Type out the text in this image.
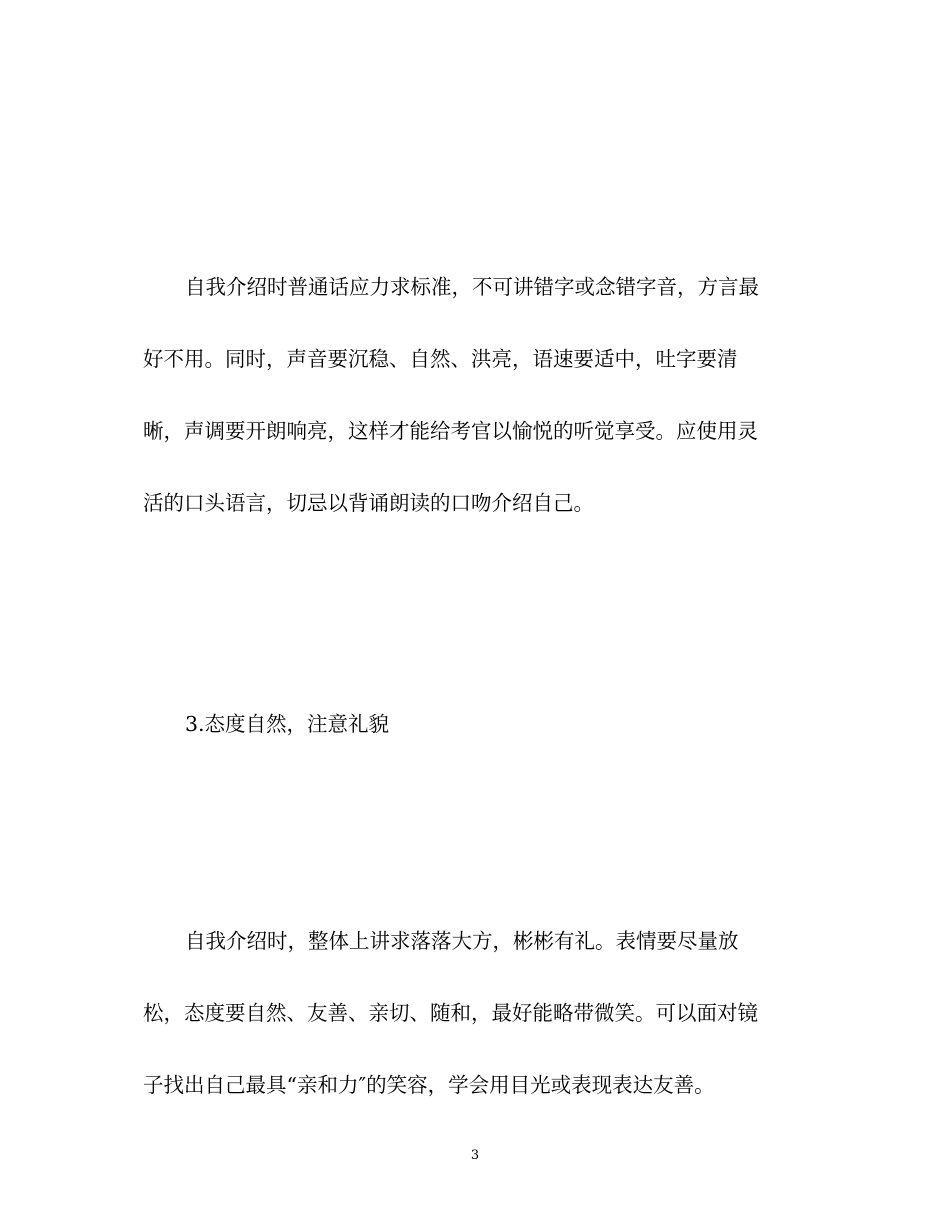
自我介绍时普通话应力求标准，不可讲错字或念错字音，方言最
好不用。同时，声音要沉稳、自然、洪亮，语速要适中，吐字要清
晰，声调要开朗响亮，这样才能给考官以愉悦的听觉享受。应使用灵
活的口头语言，切忌以背诵朗读的口吻介绍自己。
3.态度自然，注意礼貌
自我介绍时，整体上讲求落落大方，彬彬有礼。表情要尽量放
松，态度要自然、友善、亲切、随和，最好能略带微笑。可以面对镜
子找出自己最具“亲和力″的笑容，学会用目光或表现表达友善。
3
